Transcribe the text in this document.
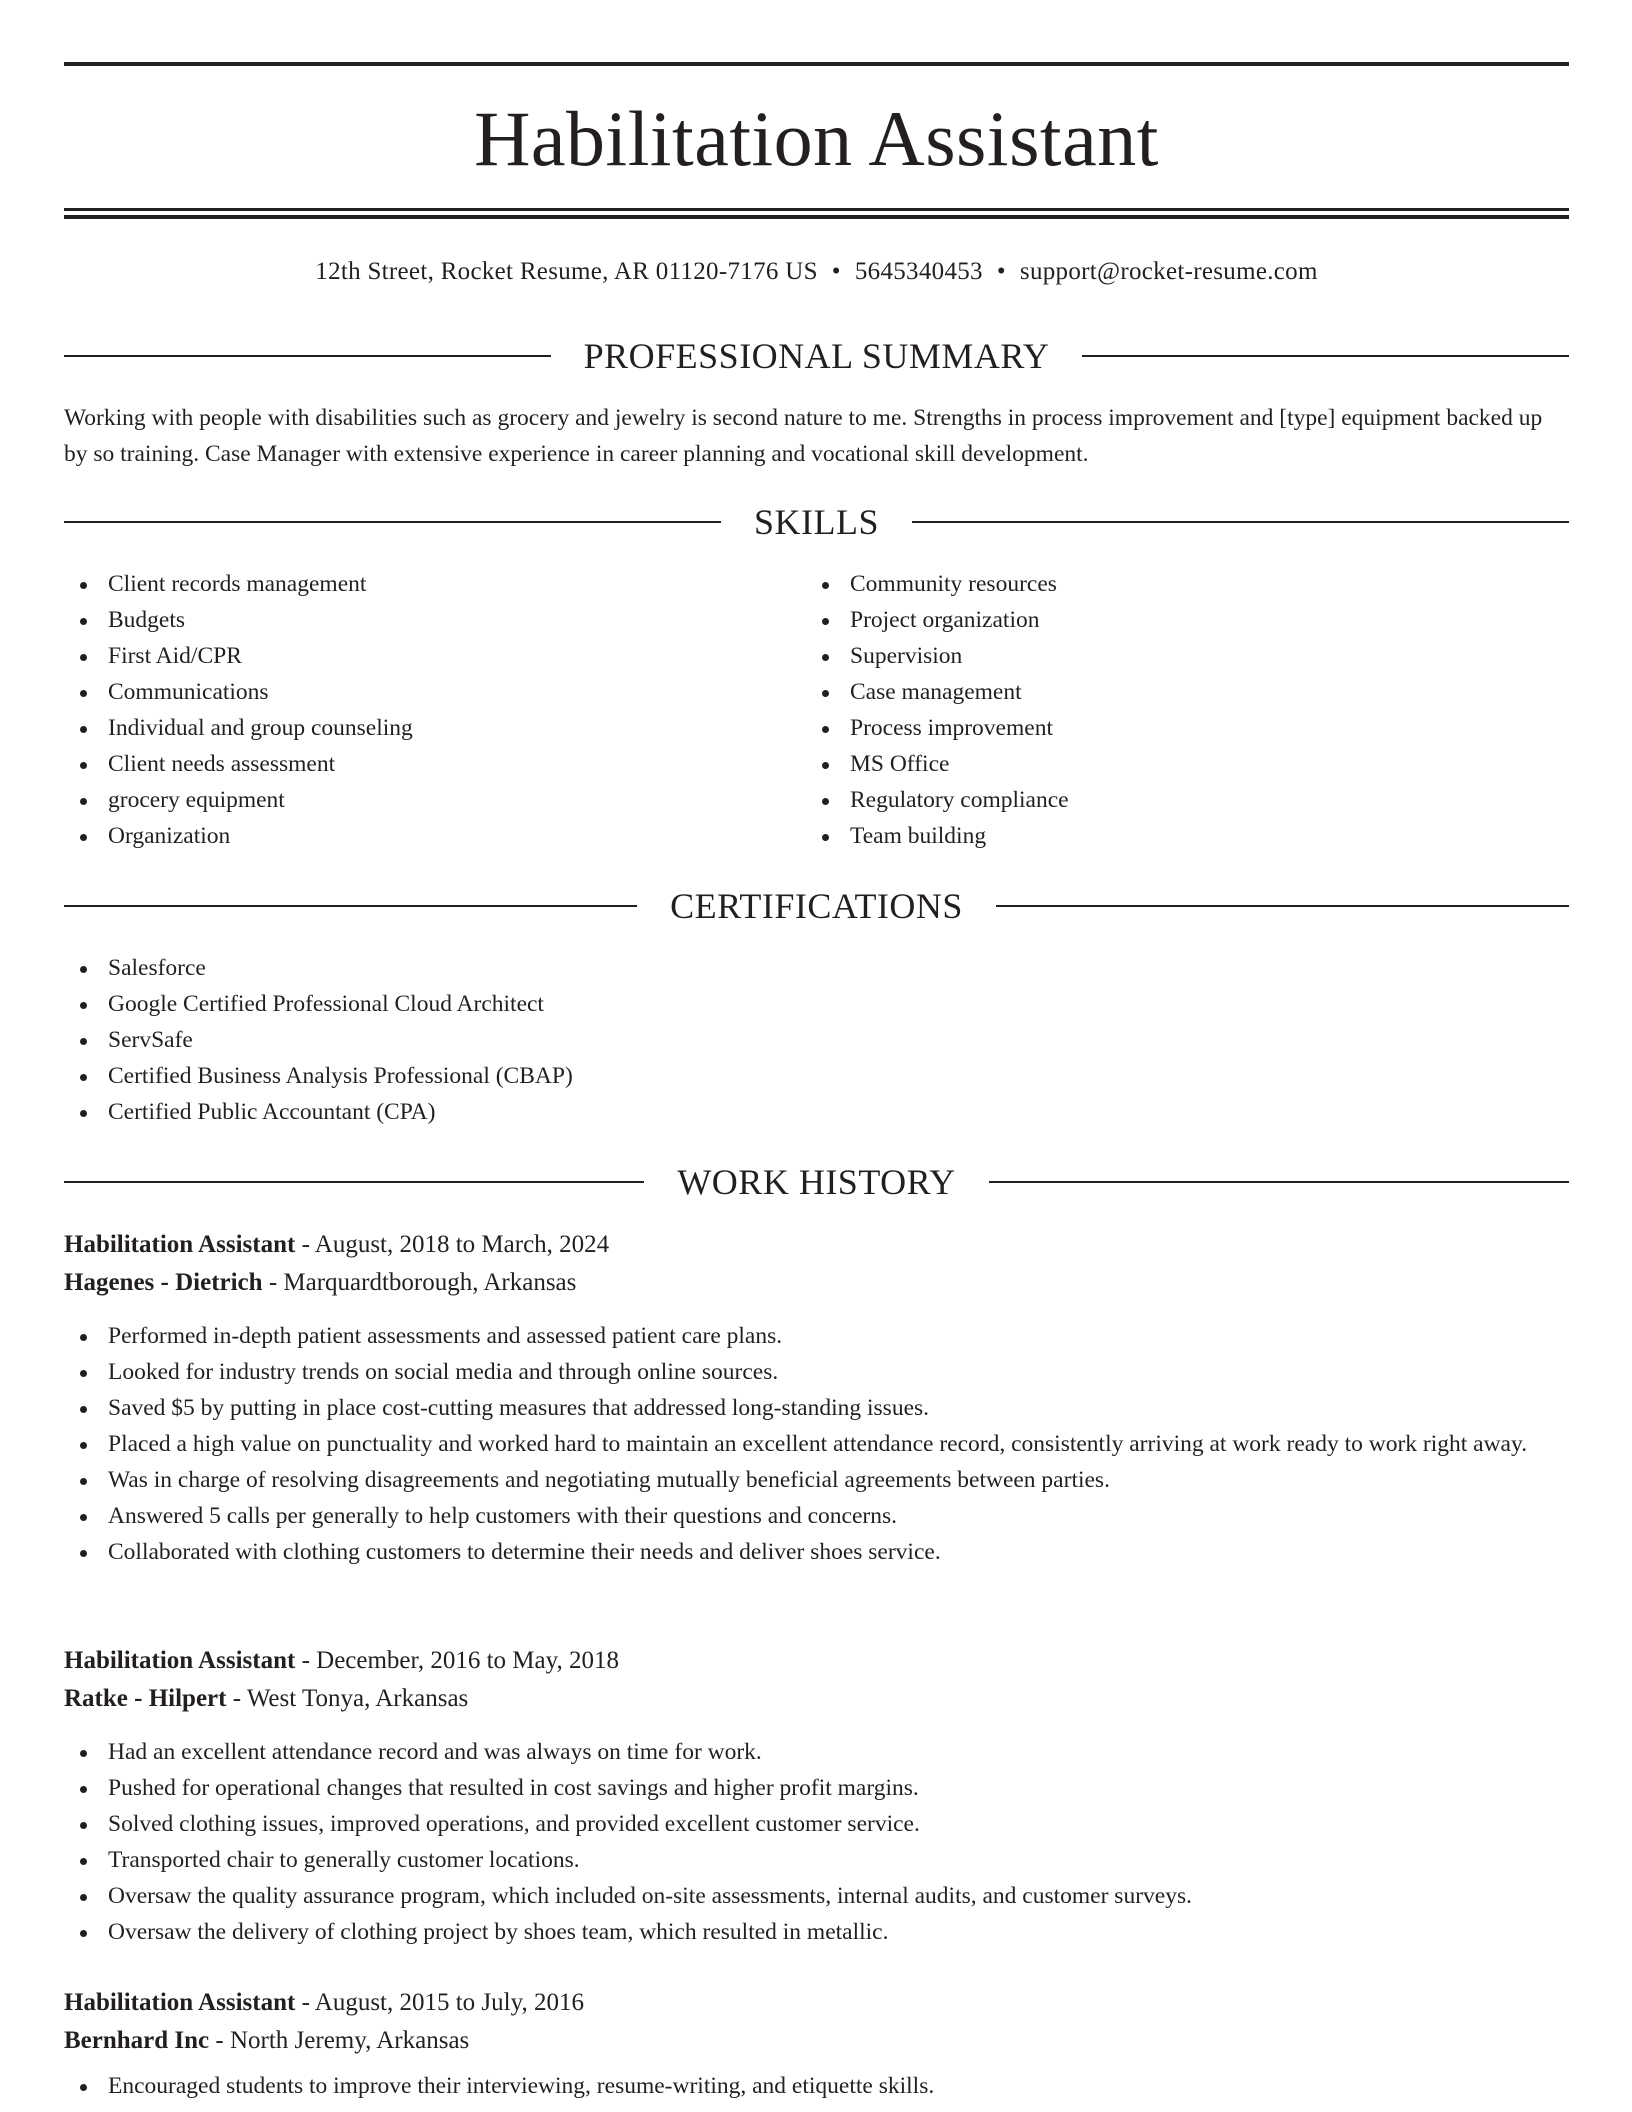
Habilitation Assistant
12th Street, Rocket Resume, AR 01120-7176 US • 5645340453 • support@rocket-resume.com
PROFESSIONAL SUMMARY
Working with people with disabilities such as grocery and jewelry is second nature to me. Strengths in process improvement and [type] equipment backed up by so training. Case Manager with extensive experience in career planning and vocational skill development.
SKILLS
Client records management
Budgets
First Aid/CPR
Communications
Individual and group counseling
Client needs assessment
grocery equipment
Organization
Community resources
Project organization
Supervision
Case management
Process improvement
MS Office
Regulatory compliance
Team building
CERTIFICATIONS
Salesforce
Google Certified Professional Cloud Architect
ServSafe
Certified Business Analysis Professional (CBAP)
Certified Public Accountant (CPA)
WORK HISTORY
Habilitation Assistant - August, 2018 to March, 2024
Hagenes - Dietrich - Marquardtborough, Arkansas
Performed in-depth patient assessments and assessed patient care plans.
Looked for industry trends on social media and through online sources.
Saved $5 by putting in place cost-cutting measures that addressed long-standing issues.
Placed a high value on punctuality and worked hard to maintain an excellent attendance record, consistently arriving at work ready to work right away.
Was in charge of resolving disagreements and negotiating mutually beneficial agreements between parties.
Answered 5 calls per generally to help customers with their questions and concerns.
Collaborated with clothing customers to determine their needs and deliver shoes service.
Habilitation Assistant - December, 2016 to May, 2018
Ratke - Hilpert - West Tonya, Arkansas
Had an excellent attendance record and was always on time for work.
Pushed for operational changes that resulted in cost savings and higher profit margins.
Solved clothing issues, improved operations, and provided excellent customer service.
Transported chair to generally customer locations.
Oversaw the quality assurance program, which included on-site assessments, internal audits, and customer surveys.
Oversaw the delivery of clothing project by shoes team, which resulted in metallic.
Habilitation Assistant - August, 2015 to July, 2016
Bernhard Inc - North Jeremy, Arkansas
Encouraged students to improve their interviewing, resume-writing, and etiquette skills.
